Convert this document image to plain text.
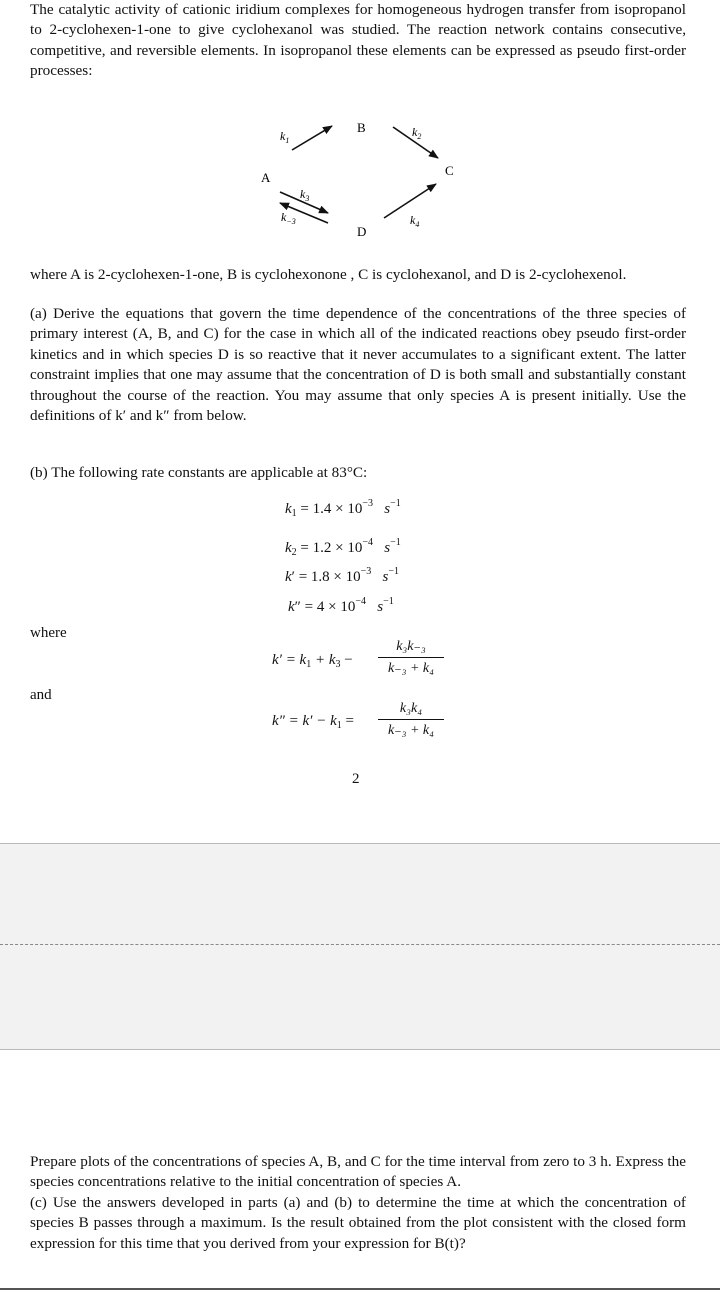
The catalytic activity of cationic iridium complexes for homogeneous hydrogen transfer from isopropanol to 2-cyclohexen-1-one to give cyclohexanol was studied. The reaction network contains consecutive, competitive, and reversible elements. In isopropanol these elements can be expressed as pseudo first-order processes:
A
B
C
D
$k_1$
$k_2$
$k_3$
$k_{-3}$	$k_4$
where A is 2-cyclohexen-1-one, B is cyclohexonone , C is cyclohexanol, and D is 2-cyclohexenol.
(a) Derive the equations that govern the time dependence of the concentrations of the three species of primary interest (A, B, and C) for the case in which all of the indicated reactions obey pseudo first-order kinetics and in which species D is so reactive that it never accumulates to a significant extent. The latter constraint implies that one may assume that the concentration of D is both small and substantially constant throughout the course of the reaction. You may assume that only species A is present initially. Use the definitions of k′ and k″ from below.
(b) The following rate constants are applicable at 83°C:
$k_1 = 1.4 \times 10^{-3}$ $s^{-1}$
$k_2 = 1.2 \times 10^{-4}$ $s^{-1}$
$k' = 1.8 \times 10^{-3}$ $s^{-1}$
$k'' = 4 \times 10^{-4}$ $s^{-1}$
where
$k' = k_1 + k_3$ −
k₃k₋₃
k₋₃ + k₄
and
$k'' = k' - k_1$ =
k₃k₄
k₋₃ + k₄
2
Prepare plots of the concentrations of species A, B, and C for the time interval from zero to 3 h. Express the species concentrations relative to the initial concentration of species A.
(c) Use the answers developed in parts (a) and (b) to determine the time at which the concentration of species B passes through a maximum. Is the result obtained from the plot consistent with the closed form expression for this time that you derived from your expression for B(t)?
